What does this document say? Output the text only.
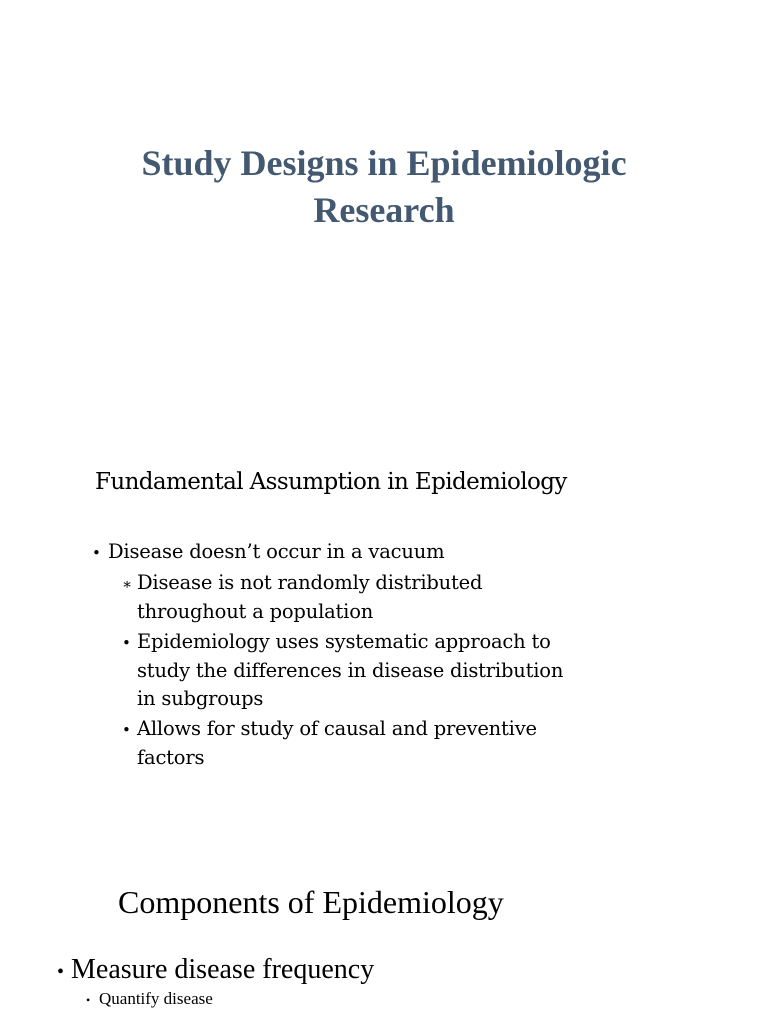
Study Designs in Epidemiologic
Research
Fundamental Assumption in Epidemiology
• Disease doesn’t occur in a vacuum
∗ Disease is not randomly distributed
throughout a population
• Epidemiology uses systematic approach to
study the differences in disease distribution
in subgroups
• Allows for study of causal and preventive
factors
Components of Epidemiology
• Measure disease frequency
• Quantify disease
